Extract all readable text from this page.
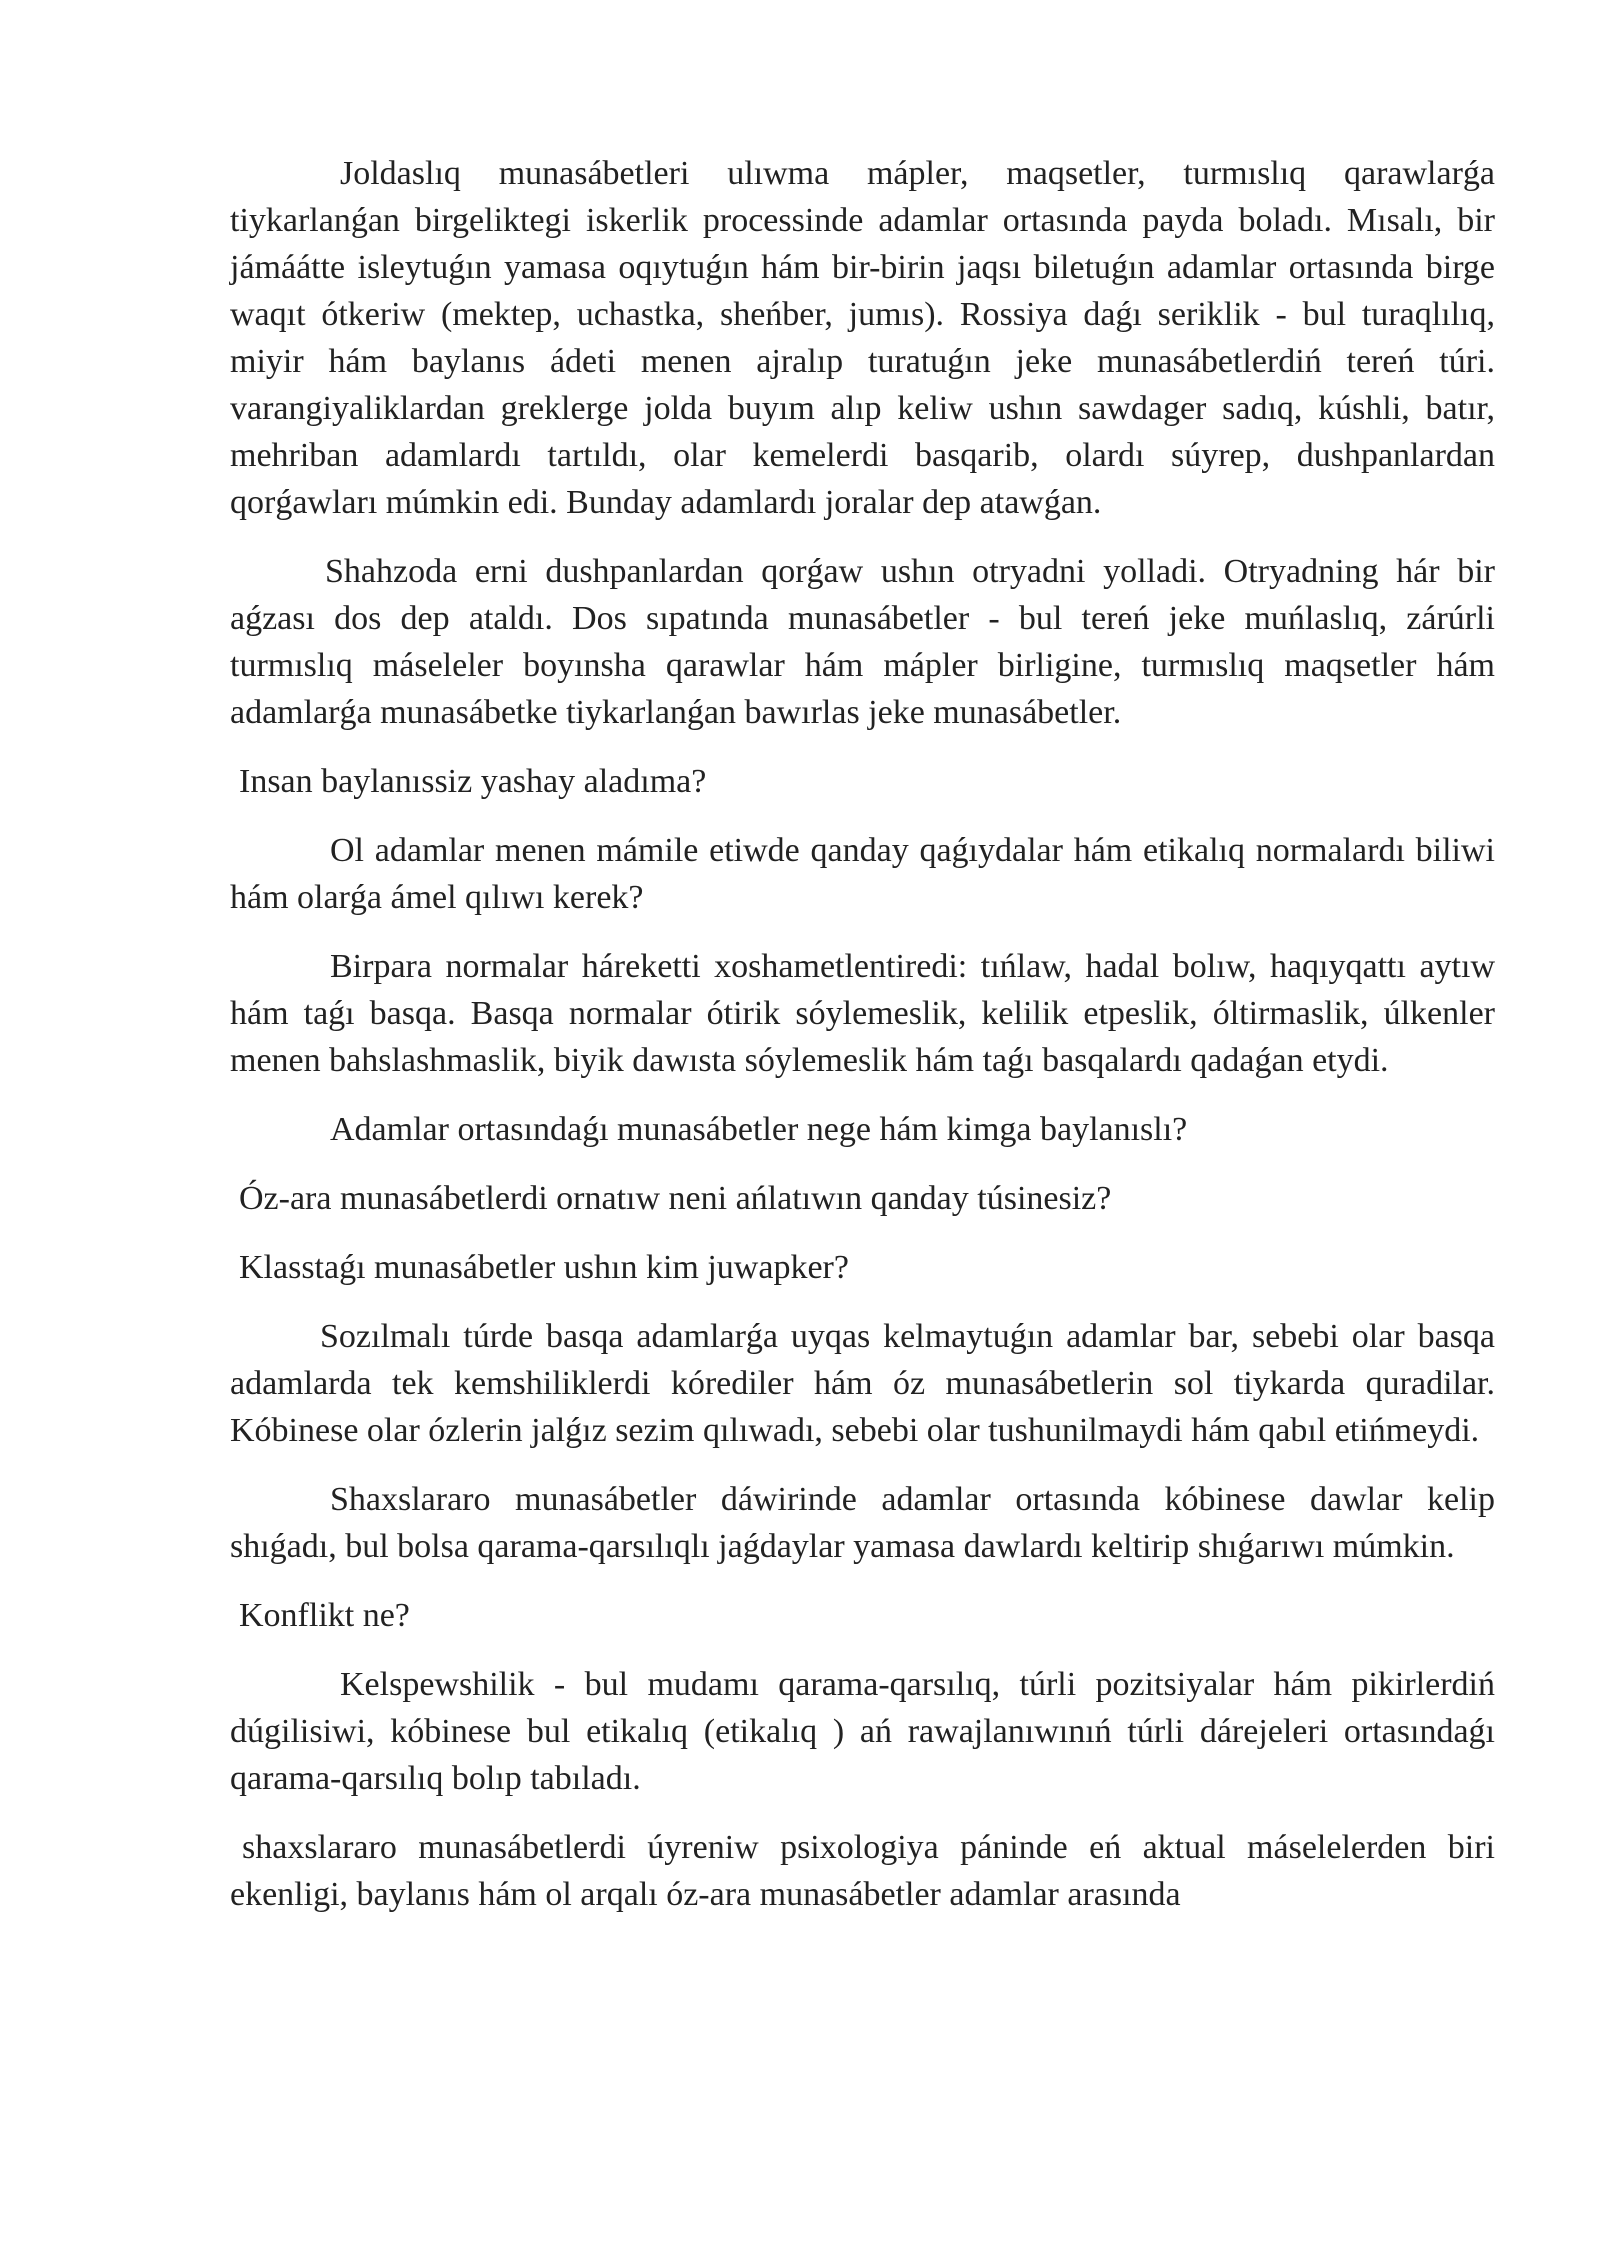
Joldaslıq munasábetleri ulıwma mápler, maqsetler, turmıslıq qarawlarǵa tiykarlanǵan birgeliktegi iskerlik processinde adamlar ortasında payda boladı. Mısalı, bir jámáátte isleytuǵın yamasa oqıytuǵın hám bir-birin jaqsı biletuǵın adamlar ortasında birge waqıt ótkeriw (mektep, uchastka, sheńber, jumıs). Rossiya daǵı seriklik - bul turaqlılıq, miyir hám baylanıs ádeti menen ajralıp turatuǵın jeke munasábetlerdiń tereń túri. varangiyaliklardan greklerge jolda buyım alıp keliw ushın sawdager sadıq, kúshli, batır, mehriban adamlardı tartıldı, olar kemelerdi basqarib, olardı súyrep, dushpanlardan qorǵawları múmkin edi. Bunday adamlardı joralar dep atawǵan.

Shahzoda erni dushpanlardan qorǵaw ushın otryadni yolladi. Otryadning hár bir aǵzası dos dep ataldı. Dos sıpatında munasábetler - bul tereń jeke muńlaslıq, zárúrli turmıslıq máseleler boyınsha qarawlar hám mápler birligine, turmıslıq maqsetler hám adamlarǵa munasábetke tiykarlanǵan bawırlas jeke munasábetler.

Insan baylanıssiz yashay aladıma?

Ol adamlar menen mámile etiwde qanday qaǵıydalar hám etikalıq normalardı biliwi hám olarǵa ámel qılıwı kerek?

Birpara normalar háreketti xoshametlentiredi: tıńlaw, hadal bolıw, haqıyqattı aytıw hám taǵı basqa. Basqa normalar ótirik sóylemeslik, kelilik etpeslik, óltirmaslik, úlkenler menen bahslashmaslik, biyik dawısta sóylemeslik hám taǵı basqalardı qadaǵan etydi.

Adamlar ortasındaǵı munasábetler nege hám kimga baylanıslı?

Óz-ara munasábetlerdi ornatıw neni ańlatıwın qanday túsinesiz?

Klasstaǵı munasábetler ushın kim juwapker?

Sozılmalı túrde basqa adamlarǵa uyqas kelmaytuǵın adamlar bar, sebebi olar basqa adamlarda tek kemshiliklerdi kórediler hám óz munasábetlerin sol tiykarda quradilar. Kóbinese olar ózlerin jalǵız sezim qılıwadı, sebebi olar tushunilmaydi hám qabıl etińmeydi.

Shaxslararo munasábetler dáwirinde adamlar ortasında kóbinese dawlar kelip shıǵadı, bul bolsa qarama-qarsılıqlı jaǵdaylar yamasa dawlardı keltirip shıǵarıwı múmkin.

Konflikt ne?

Kelspewshilik - bul mudamı qarama-qarsılıq, túrli pozitsiyalar hám pikirlerdiń dúgilisiwi, kóbinese bul etikalıq (etikalıq ) ań rawajlanıwınıń túrli dárejeleri ortasındaǵı qarama-qarsılıq bolıp tabıladı.

shaxslararo munasábetlerdi úyreniw psixologiya páninde eń aktual máselelerden biri ekenligi, baylanıs hám ol arqalı óz-ara munasábetler adamlar arasında
